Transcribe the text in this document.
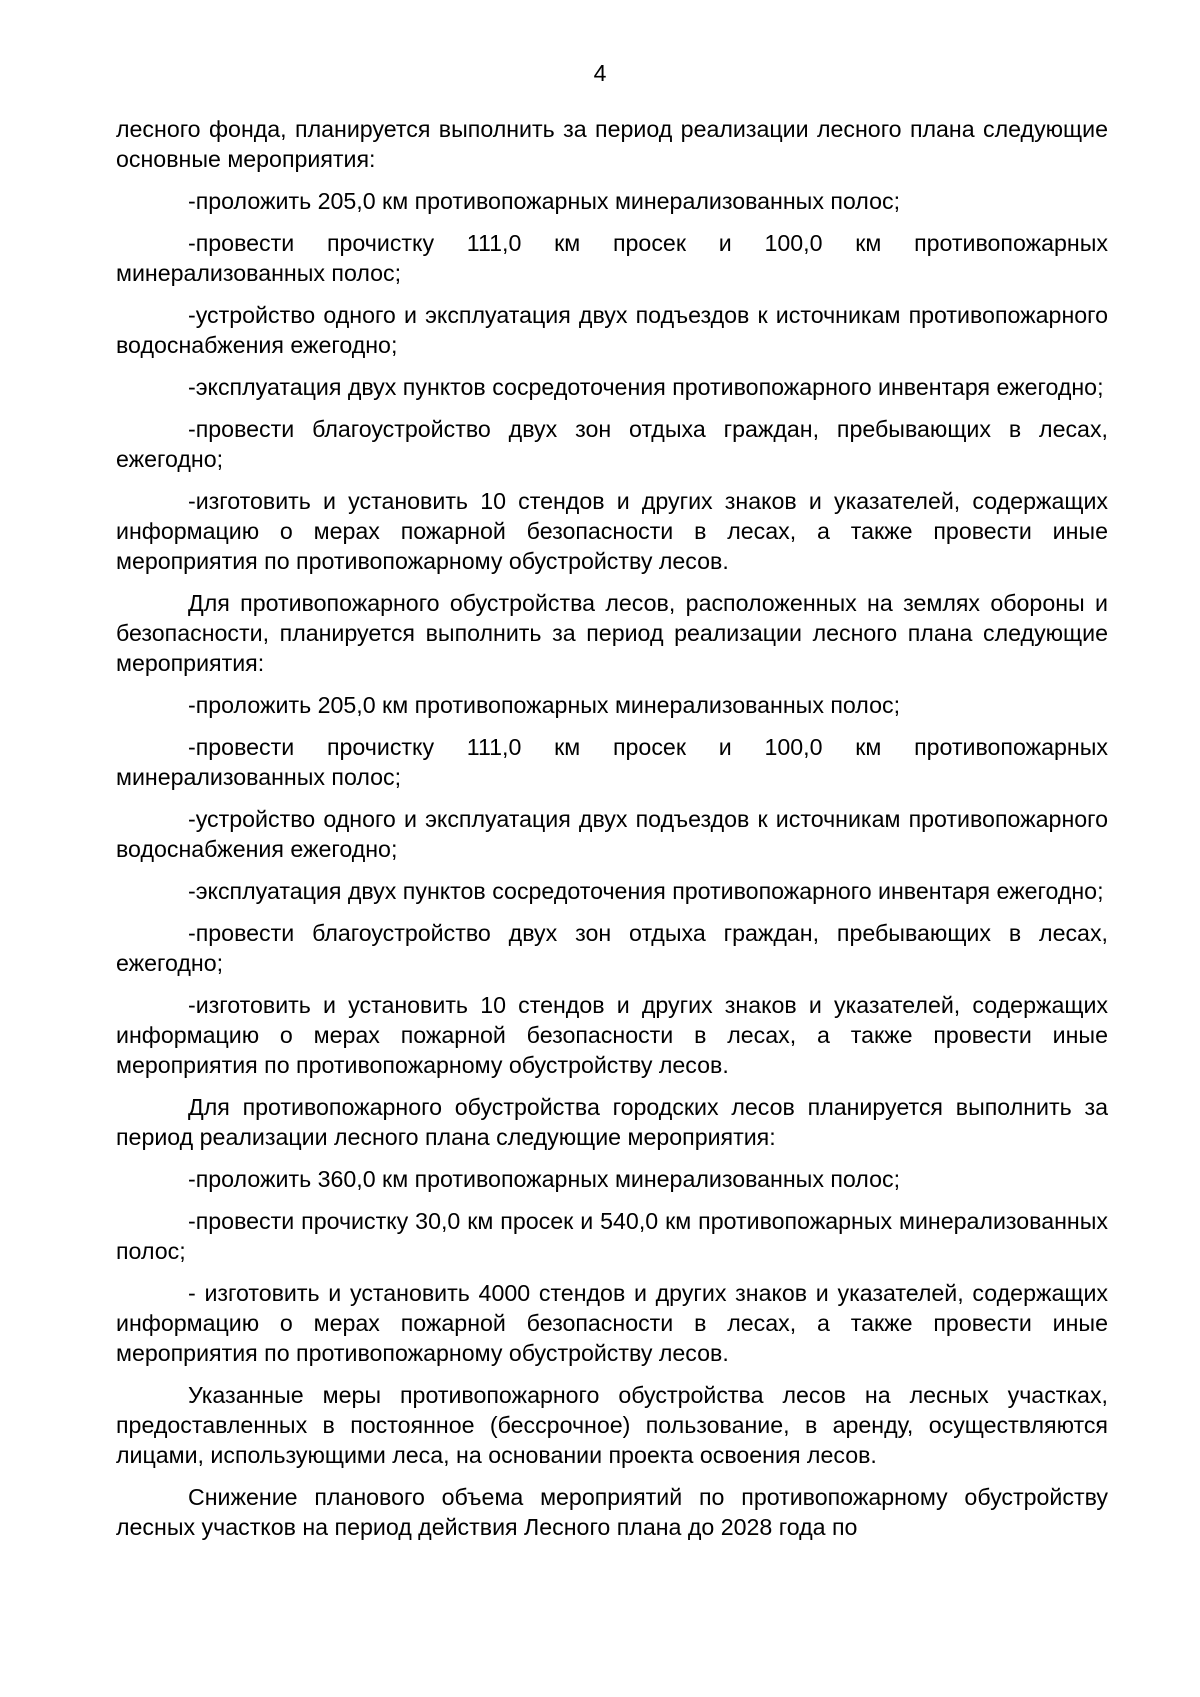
4

лесного фонда, планируется выполнить за период реализации лесного плана следующие основные мероприятия:

-проложить 205,0 км противопожарных минерализованных полос;

-провести прочистку 111,0 км просек и 100,0 км противопожарных минерализованных полос;

-устройство одного и эксплуатация двух подъездов к источникам противопожарного водоснабжения ежегодно;

-эксплуатация двух пунктов сосредоточения противопожарного инвентаря ежегодно;

-провести благоустройство двух зон отдыха граждан, пребывающих в лесах, ежегодно;

-изготовить и установить 10 стендов и других знаков и указателей, содержащих информацию о мерах пожарной безопасности в лесах, а также провести иные мероприятия по противопожарному обустройству лесов.

Для противопожарного обустройства лесов, расположенных на землях обороны и безопасности, планируется выполнить за период реализации лесного плана следующие мероприятия:

-проложить 205,0 км противопожарных минерализованных полос;

-провести прочистку 111,0 км просек и 100,0 км противопожарных минерализованных полос;

-устройство одного и эксплуатация двух подъездов к источникам противопожарного водоснабжения ежегодно;

-эксплуатация двух пунктов сосредоточения противопожарного инвентаря ежегодно;

-провести благоустройство двух зон отдыха граждан, пребывающих в лесах, ежегодно;

-изготовить и установить 10 стендов и других знаков и указателей, содержащих информацию о мерах пожарной безопасности в лесах, а также провести иные мероприятия по противопожарному обустройству лесов.

Для противопожарного обустройства городских лесов планируется выполнить за период реализации лесного плана следующие мероприятия:

-проложить 360,0 км противопожарных минерализованных полос;

-провести прочистку 30,0 км просек и 540,0 км противопожарных минерализованных полос;

- изготовить и установить 4000 стендов и других знаков и указателей, содержащих информацию о мерах пожарной безопасности в лесах, а также провести иные мероприятия по противопожарному обустройству лесов.

Указанные меры противопожарного обустройства лесов на лесных участках, предоставленных в постоянное (бессрочное) пользование, в аренду, осуществляются лицами, использующими леса, на основании проекта освоения лесов.

Снижение планового объема мероприятий по противопожарному обустройству лесных участков на период действия Лесного плана до 2028 года по
